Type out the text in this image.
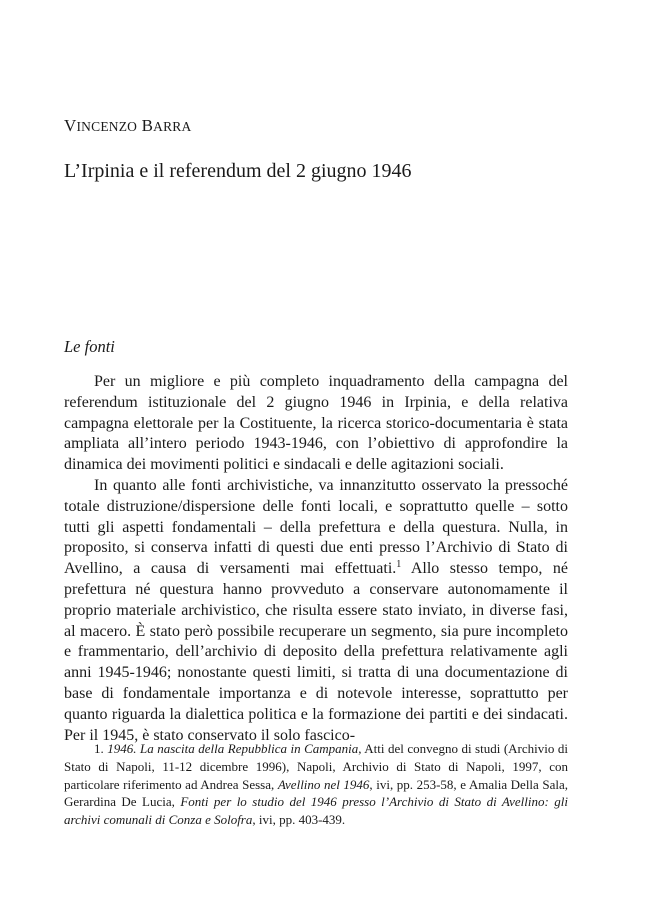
VINCENZO BARRA
L’Irpinia e il referendum del 2 giugno 1946
Le fonti

Per un migliore e più completo inquadramento della campagna del referendum istituzionale del 2 giugno 1946 in Irpinia, e della relativa campagna elettorale per la Costituente, la ricerca storico-documentaria è stata ampliata all’intero periodo 1943-1946, con l’obiettivo di approfondire la dinamica dei movimenti politici e sindacali e delle agitazioni sociali.

In quanto alle fonti archivistiche, va innanzitutto osservato la pressoché totale distruzione/dispersione delle fonti locali, e soprattutto quelle – sotto tutti gli aspetti fondamentali – della prefettura e della questura. Nulla, in proposito, si conserva infatti di questi due enti presso l’Archivio di Stato di Avellino, a causa di versamenti mai effettuati.$^1$ Allo stesso tempo, né prefettura né questura hanno provveduto a conservare autonomamente il proprio materiale archivistico, che risulta essere stato inviato, in diverse fasi, al macero. È stato però possibile recuperare un segmento, sia pure incompleto e frammentario, dell’archivio di deposito della prefettura relativamente agli anni 1945-1946; nonostante questi limiti, si tratta di una documentazione di base di fondamentale importanza e di notevole interesse, soprattutto per quanto riguarda la dialettica politica e la formazione dei partiti e dei sindacati. Per il 1945, è stato conservato il solo fascico-

1. 1946. La nascita della Repubblica in Campania, Atti del convegno di studi (Archivio di Stato di Napoli, 11-12 dicembre 1996), Napoli, Archivio di Stato di Napoli, 1997, con particolare riferimento ad Andrea Sessa, Avellino nel 1946, ivi, pp. 253-58, e Amalia Della Sala, Gerardina De Lucia, Fonti per lo studio del 1946 presso l’Archivio di Stato di Avellino: gli archivi comunali di Conza e Solofra, ivi, pp. 403-439.
